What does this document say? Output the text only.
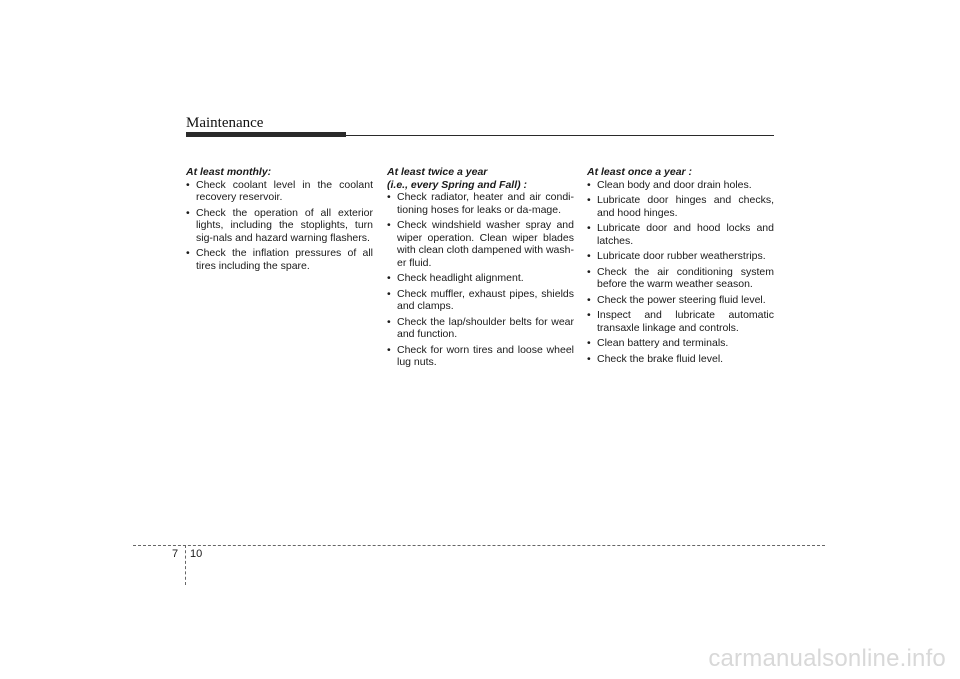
Maintenance
At least monthly:
• Check coolant level in the coolant recovery reservoir.
• Check the operation of all exterior lights, including the stoplights, turn sig-nals and hazard warning flashers.
• Check the inflation pressures of all tires including the spare.
At least twice a year
(i.e., every Spring and Fall) :
• Check radiator, heater and air condi-tioning hoses for leaks or da-mage.
• Check windshield washer spray and wiper operation. Clean wiper blades with clean cloth dampened with wash-er fluid.
• Check headlight alignment.
• Check muffler, exhaust pipes, shields and clamps.
• Check the lap/shoulder belts for wear and function.
• Check for worn tires and loose wheel lug nuts.
At least once a year :
• Clean body and door drain holes.
• Lubricate door hinges and checks, and hood hinges.
• Lubricate door and hood locks and latches.
• Lubricate door rubber weatherstrips.
• Check the air conditioning system before the warm weather season.
• Check the power steering fluid level.
• Inspect and lubricate automatic transaxle linkage and controls.
• Clean battery and terminals.
• Check the brake fluid level.
7 10
carmanualsonline.info
